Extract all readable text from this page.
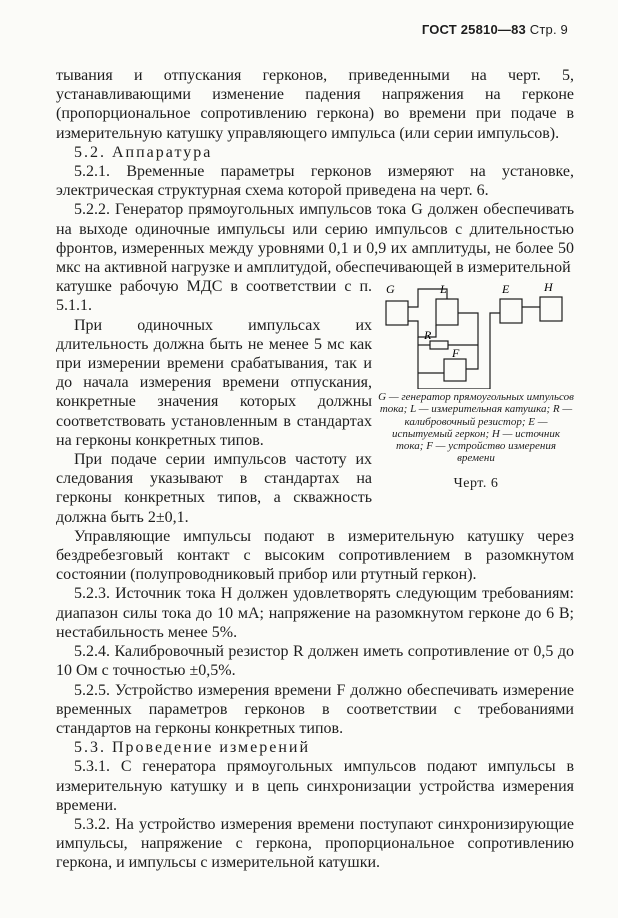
ГОСТ 25810—83 Стр. 9

тывания и отпускания герконов, приведенными на черт. 5, устанавливающими изменение падения напряжения на герконе (пропорциональное сопротивлению геркона) во времени при подаче в измерительную катушку управляющего импульса (или серии импульсов).

5.2. Аппаратура

5.2.1. Временные параметры герконов измеряют на установке, электрическая структурная схема которой приведена на черт. 6.

5.2.2. Генератор прямоугольных импульсов тока G должен обеспечивать на выходе одиночные импульсы или серию импульсов с длительностью фронтов, измеренных между уровнями 0,1 и 0,9 их амплитуды, не более 50 мкс на активной нагрузке и амплитудой, обеспечивающей в измерительной

G	L	E	H
R
F
G — генератор прямоугольных импульсов тока; L — измерительная катушка; R — калибровочный резистор; E — испытуемый геркон; H — источник тока; F — устройство измерения времени
Черт. 6

катушке рабочую МДС в соответствии с п. 5.1.1.

При одиночных импульсах их длительность должна быть не менее 5 мс как при измерении времени срабатывания, так и до начала измерения времени отпускания, конкретные значения которых должны соответствовать установленным в стандартах на герконы конкретных типов.

При подаче серии импульсов частоту их следования указывают в стандартах на герконы конкретных типов, а скважность должна быть 2±0,1.

Управляющие импульсы подают в измерительную катушку через бездребезговый контакт с высоким сопротивлением в разомкнутом состоянии (полупроводниковый прибор или ртутный геркон).

5.2.3. Источник тока H должен удовлетворять следующим требованиям: диапазон силы тока до 10 мА; напряжение на разомкнутом герконе до 6 В; нестабильность менее 5%.

5.2.4. Калибровочный резистор R должен иметь сопротивление от 0,5 до 10 Ом с точностью ±0,5%.

5.2.5. Устройство измерения времени F должно обеспечивать измерение временных параметров герконов в соответствии с требованиями стандартов на герконы конкретных типов.

5.3. Проведение измерений

5.3.1. С генератора прямоугольных импульсов подают импульсы в измерительную катушку и в цепь синхронизации устройства измерения времени.

5.3.2. На устройство измерения времени поступают синхронизирующие импульсы, напряжение с геркона, пропорциональное сопротивлению геркона, и импульсы с измерительной катушки.
